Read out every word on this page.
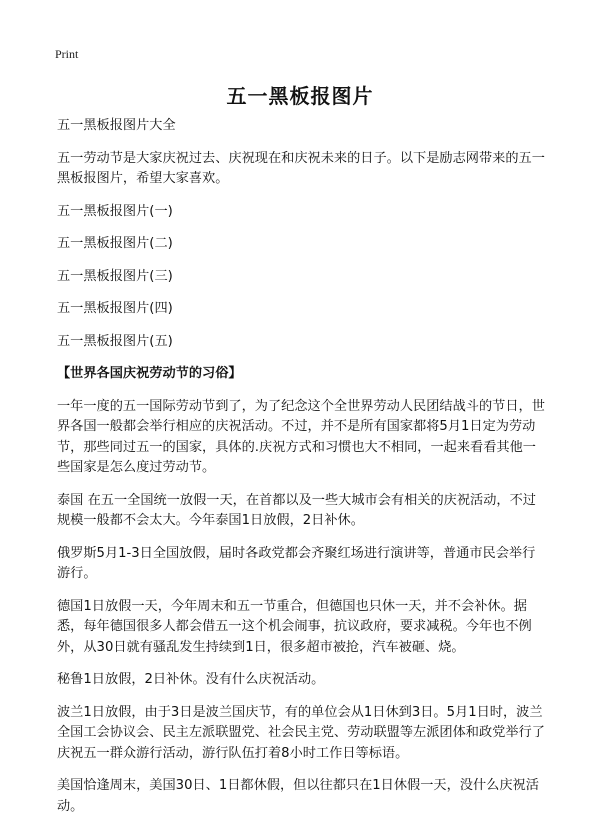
Print
五一黑板报图片

五一黑板报图片大全

五一劳动节是大家庆祝过去、庆祝现在和庆祝未来的日子。以下是励志网带来的五一黑板报图片，希望大家喜欢。

五一黑板报图片(一)

五一黑板报图片(二)

五一黑板报图片(三)

五一黑板报图片(四)

五一黑板报图片(五)

【世界各国庆祝劳动节的习俗】

一年一度的五一国际劳动节到了，为了纪念这个全世界劳动人民团结战斗的节日，世界各国一般都会举行相应的庆祝活动。不过，并不是所有国家都将5月1日定为劳动节，那些同过五一的国家，具体的.庆祝方式和习惯也大不相同，一起来看看其他一些国家是怎么度过劳动节。

泰国 在五一全国统一放假一天，在首都以及一些大城市会有相关的庆祝活动，不过规模一般都不会太大。今年泰国1日放假，2日补休。

俄罗斯5月1-3日全国放假，届时各政党都会齐聚红场进行演讲等，普通市民会举行游行。

德国1日放假一天，今年周末和五一节重合，但德国也只休一天，并不会补休。据悉，每年德国很多人都会借五一这个机会闹事，抗议政府，要求减税。今年也不例外，从30日就有骚乱发生持续到1日，很多超市被抢，汽车被砸、烧。

秘鲁1日放假，2日补休。没有什么庆祝活动。

波兰1日放假，由于3日是波兰国庆节，有的单位会从1日休到3日。5月1日时，波兰全国工会协议会、民主左派联盟党、社会民主党、劳动联盟等左派团体和政党举行了庆祝五一群众游行活动，游行队伍打着8小时工作日等标语。

美国恰逢周末，美国30日、1日都休假，但以往都只在1日休假一天，没什么庆祝活动。
